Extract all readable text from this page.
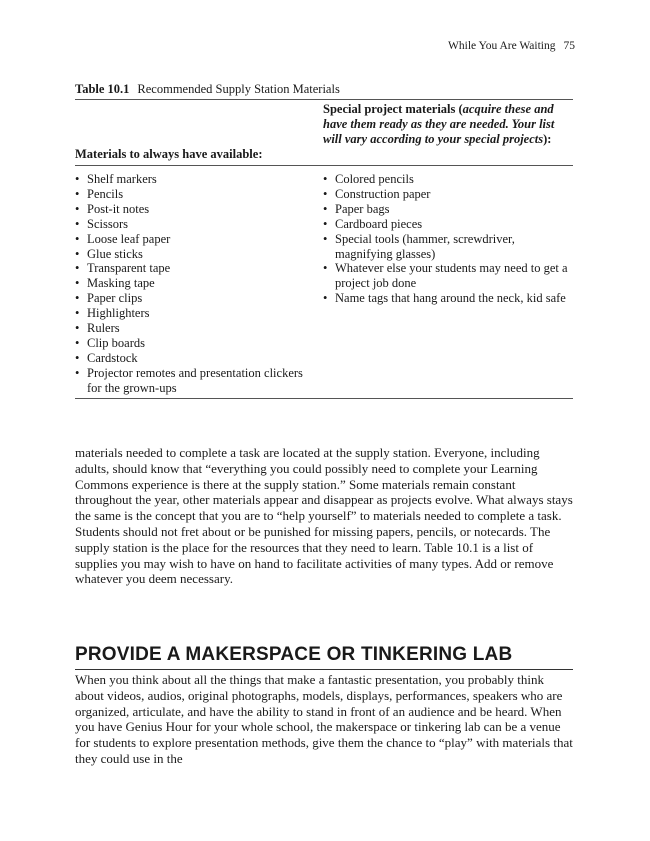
While You Are Waiting 75
Table 10.1 Recommended Supply Station Materials
Special project materials (acquire these and have them ready as they are needed. Your list will vary according to your special projects):
Materials to always have available:
• Shelf markers
• Pencils
• Post-it notes
• Scissors
• Loose leaf paper
• Glue sticks
• Transparent tape
• Masking tape
• Paper clips
• Highlighters
• Rulers
• Clip boards
• Cardstock
• Projector remotes and presentation clickers for the grown-ups
• Colored pencils
• Construction paper
• Paper bags
• Cardboard pieces
• Special tools (hammer, screwdriver, magnifying glasses)
• Whatever else your students may need to get a project job done
• Name tags that hang around the neck, kid safe

materials needed to complete a task are located at the supply station. Everyone, including adults, should know that “everything you could possibly need to complete your Learning Commons experience is there at the supply station.” Some materials remain constant throughout the year, other materials appear and disappear as projects evolve. What always stays the same is the concept that you are to “help yourself” to materials needed to complete a task. Students should not fret about or be punished for missing papers, pencils, or notecards. The supply station is the place for the resources that they need to learn. Table 10.1 is a list of supplies you may wish to have on hand to facilitate activities of many types. Add or remove whatever you deem necessary.

PROVIDE A MAKERSPACE OR TINKERING LAB

When you think about all the things that make a fantastic presentation, you probably think about videos, audios, original photographs, models, displays, performances, speakers who are organized, articulate, and have the ability to stand in front of an audience and be heard. When you have Genius Hour for your whole school, the makerspace or tinkering lab can be a venue for students to explore presentation methods, give them the chance to “play” with materials that they could use in the
